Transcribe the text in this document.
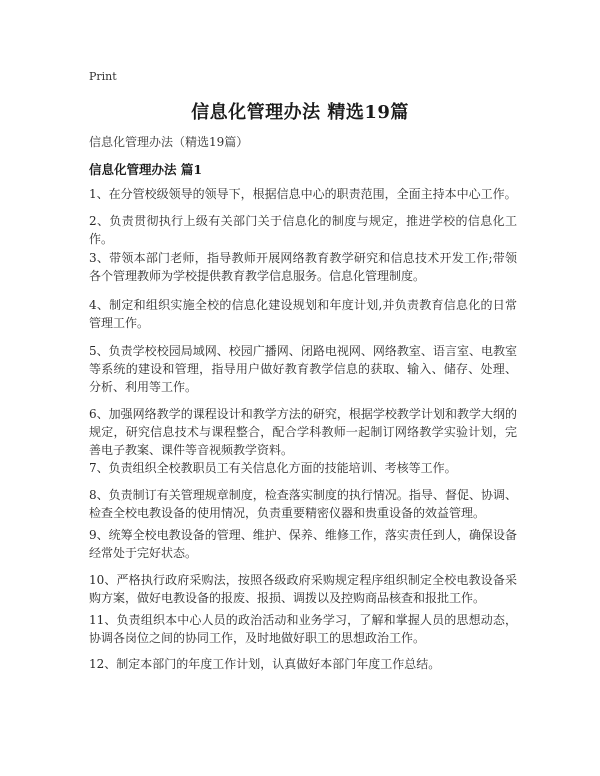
Print
信息化管理办法 精选19篇
信息化管理办法（精选19篇）
信息化管理办法 篇1
1、在分管校级领导的领导下，根据信息中心的职责范围，全面主持本中心工作。
2、负责贯彻执行上级有关部门关于信息化的制度与规定，推进学校的信息化工作。
3、带领本部门老师，指导教师开展网络教育教学研究和信息技术开发工作;带领各个管理教师为学校提供教育教学信息服务。信息化管理制度。
4、制定和组织实施全校的信息化建设规划和年度计划,并负责教育信息化的日常管理工作。
5、负责学校校园局域网、校园广播网、闭路电视网、网络教室、语言室、电教室等系统的建设和管理，指导用户做好教育教学信息的获取、输入、储存、处理、分析、利用等工作。
6、加强网络教学的课程设计和教学方法的研究，根据学校教学计划和教学大纲的规定，研究信息技术与课程整合，配合学科教师一起制订网络教学实验计划，完善电子教案、课件等音视频教学资料。
7、负责组织全校教职员工有关信息化方面的技能培训、考核等工作。
8、负责制订有关管理规章制度，检查落实制度的执行情况。指导、督促、协调、检查全校电教设备的使用情况，负责重要精密仪器和贵重设备的效益管理。
9、统筹全校电教设备的管理、维护、保养、维修工作，落实责任到人，确保设备经常处于完好状态。
10、严格执行政府采购法，按照各级政府采购规定程序组织制定全校电教设备采购方案，做好电教设备的报废、报损、调拨以及控购商品核查和报批工作。
11、负责组织本中心人员的政治活动和业务学习，了解和掌握人员的思想动态，协调各岗位之间的协同工作，及时地做好职工的思想政治工作。
12、制定本部门的年度工作计划，认真做好本部门年度工作总结。
